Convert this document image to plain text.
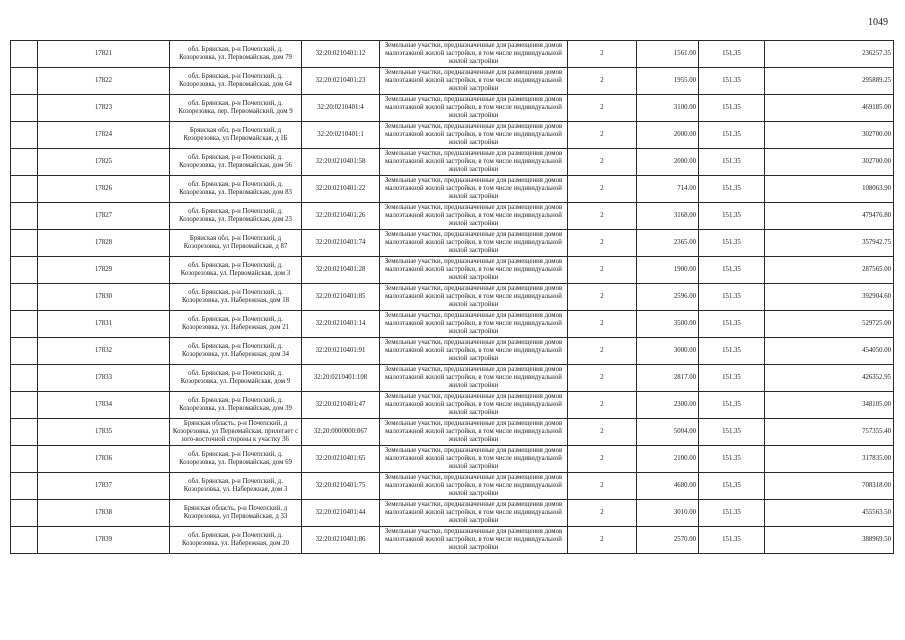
1049
	17821	обл. Брянская, р-н Почепский, д. Козорезовка, ул. Первомайская, дом 79	32:20:0210401:12	Земельные участки, предназначенные для размещения домов малоэтажной жилой застройки, в том числе индивидуальной жилой застройки	2	1561.00	151.35	236257.35
	17822	обл. Брянская, р-н Почепский, д. Козорезовка, ул. Первомайская, дом 64	32:20:0210401:23	Земельные участки, предназначенные для размещения домов малоэтажной жилой застройки, в том числе индивидуальной жилой застройки	2	1955.00	151.35	295889.25
	17823	обл. Брянская, р-н Почепский, д. Козорезовка, пер. Первомайский, дом 9	32:20:0210401:4	Земельные участки, предназначенные для размещения домов малоэтажной жилой застройки, в том числе индивидуальной жилой застройки	2	3100.00	151.35	469185.00
	17824	Брянская обл, р-н Почепский, д Козорезовка, ул Первомайская, д 1Б	32:20:0210401:1	Земельные участки, предназначенные для размещения домов малоэтажной жилой застройки, в том числе индивидуальной жилой застройки	2	2000.00	151.35	302700.00
	17825	обл. Брянская, р-н Почепский, д. Козорезовка, ул. Первомайская, дом 56	32:20:0210401:58	Земельные участки, предназначенные для размещения домов малоэтажной жилой застройки, в том числе индивидуальной жилой застройки	2	2000.00	151.35	302700.00
	17826	обл. Брянская, р-н Почепский, д. Козорезовка, ул. Первомайская, дом 83	32:20:0210401:22	Земельные участки, предназначенные для размещения домов малоэтажной жилой застройки, в том числе индивидуальной жилой застройки	2	714.00	151.35	108063.90
	17827	обл. Брянская, р-н Почепский, д. Козорезовка, ул. Первомайская, дом 23	32:20:0210401:26	Земельные участки, предназначенные для размещения домов малоэтажной жилой застройки, в том числе индивидуальной жилой застройки	2	3168.00	151.35	479476.80
	17828	Брянская обл, р-н Почепский, д Козорезовка, ул Первомайская, д 87	32:20:0210401:74	Земельные участки, предназначенные для размещения домов малоэтажной жилой застройки, в том числе индивидуальной жилой застройки	2	2365.00	151.35	357942.75
	17829	обл. Брянская, р-н Почепский, д. Козорезовка, ул. Первомайская, дом 3	32:20:0210401:28	Земельные участки, предназначенные для размещения домов малоэтажной жилой застройки, в том числе индивидуальной жилой застройки	2	1900.00	151.35	287565.00
	17830	обл. Брянская, р-н Почепский, д. Козорезовка, ул. Набережная, дом 18	32:20:0210401:85	Земельные участки, предназначенные для размещения домов малоэтажной жилой застройки, в том числе индивидуальной жилой застройки	2	2596.00	151.35	392904.60
	17831	обл. Брянская, р-н Почепский, д. Козорезовка, ул. Набережная, дом 21	32:20:0210401:14	Земельные участки, предназначенные для размещения домов малоэтажной жилой застройки, в том числе индивидуальной жилой застройки	2	3500.00	151.35	529725.00
	17832	обл. Брянская, р-н Почепский, д. Козорезовка, ул. Набережная, дом 34	32:20:0210401:91	Земельные участки, предназначенные для размещения домов малоэтажной жилой застройки, в том числе индивидуальной жилой застройки	2	3000.00	151.35	454050.00
	17833	обл. Брянская, р-н Почепский, д. Козорезовка, ул. Первомайская, дом 9	32:20:0210401:108	Земельные участки, предназначенные для размещения домов малоэтажной жилой застройки, в том числе индивидуальной жилой застройки	2	2817.00	151.35	426352.95
	17834	обл. Брянская, р-н Почепский, д. Козорезовка, ул. Первомайская, дом 39	32:20:0210401:47	Земельные участки, предназначенные для размещения домов малоэтажной жилой застройки, в том числе индивидуальной жилой застройки	2	2300.00	151.35	348105.00
	17835	Брянская область, р-н Почепский, д Козорезовка, ул Первомайская, прилегает с юго-восточной стороны к участку 36	32:20:0000000:867	Земельные участки, предназначенные для размещения домов малоэтажной жилой застройки, в том числе индивидуальной жилой застройки	2	5004.00	151.35	757355.40
	17836	обл. Брянская, р-н Почепский, д. Козорезовка, ул. Первомайская, дом 69	32:20:0210401:65	Земельные участки, предназначенные для размещения домов малоэтажной жилой застройки, в том числе индивидуальной жилой застройки	2	2100.00	151.35	317835.00
	17837	обл. Брянская, р-н Почепский, д. Козорезовка, ул. Набережная, дом 3	32:20:0210401:75	Земельные участки, предназначенные для размещения домов малоэтажной жилой застройки, в том числе индивидуальной жилой застройки	2	4680.00	151.35	708318.00
	17838	Брянская область, р-н Почепский, д Козорезовка, ул Первомайская, д 33	32:20:0210401:44	Земельные участки, предназначенные для размещения домов малоэтажной жилой застройки, в том числе индивидуальной жилой застройки	2	3010.00	151.35	455563.50
	17839	обл. Брянская, р-н Почепский, д. Козорезовка, ул. Набережная, дом 20	32:20:0210401:86	Земельные участки, предназначенные для размещения домов малоэтажной жилой застройки, в том числе индивидуальной жилой застройки	2	2570.00	151.35	388969.50
